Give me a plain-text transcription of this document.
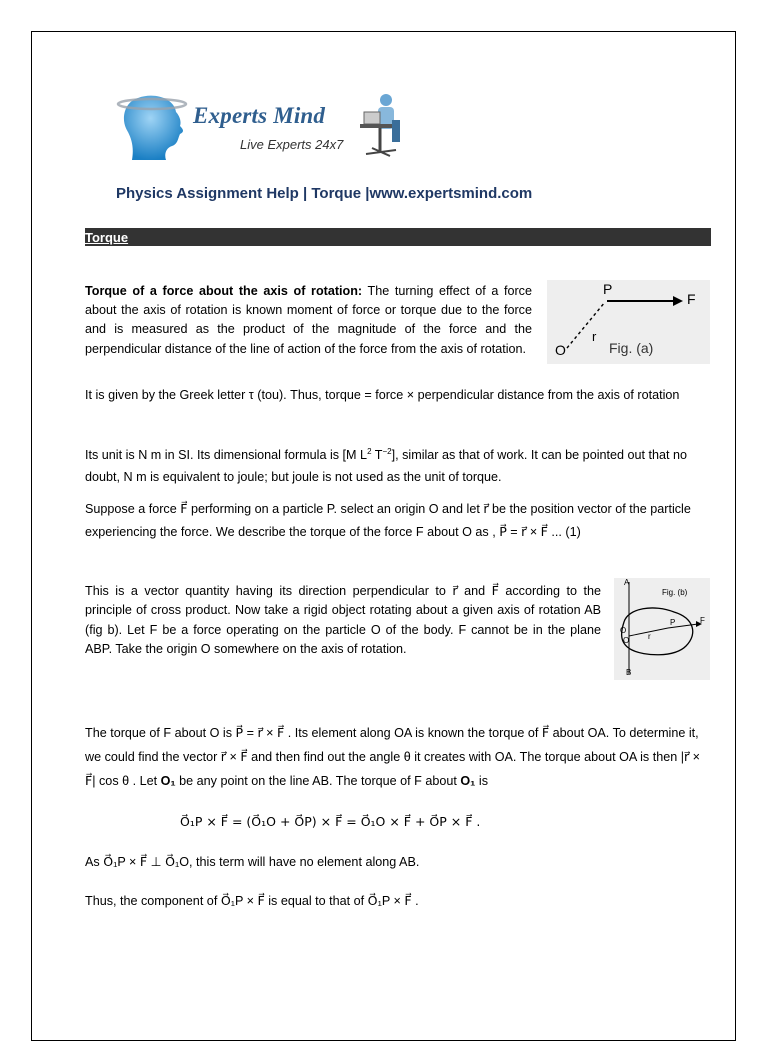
Experts Mind
Live Experts 24x7
Physics Assignment Help | Torque |www.expertsmind.com
Torque
Torque of a force about the axis of rotation: The turning effect of a force about the axis of rotation is known moment of force or torque due to the force and is measured as the product of the magnitude of the force and the perpendicular distance of the line of action of the force from the axis of rotation.
P
F
O
r
Fig. (a)
It is given by the Greek letter τ (tou). Thus, torque = force × perpendicular distance from the axis of rotation
Its unit is N m in SI. Its dimensional formula is [M $L^2$ $T^{-2}$], similar as that of work. It can be pointed out that no doubt, N m is equivalent to joule; but joule is not used as the unit of torque.
Suppose a force F⃗ performing on a particle P. select an origin O and let r⃗ be the position vector of the particle experiencing the force. We describe the torque of the force F about O as , P⃗ = r⃗ × F⃗ ... (1)
This is a vector quantity having its direction perpendicular to r⃗ and F⃗ according to the principle of cross product. Now take a rigid object rotating about a given axis of rotation AB (fig b). Let F be a force operating on the particle O of the body. F cannot be in the plane ABP. Take the origin O somewhere on the axis of rotation.
A
B
Fig. (b)
P	F
O
O r
The torque of F about O is P⃗ = r⃗ × F⃗ . Its element along OA is known the torque of F⃗ about OA. To determine it, we could find the vector r⃗ × F⃗ and then find out the angle θ it creates with OA. The torque about OA is then |r⃗ × F⃗| cos θ . Let O₁ be any point on the line AB. The torque of F about O₁ is
O⃗₁P × F⃗ = (O⃗₁O + O⃗P) × F⃗ = O⃗₁O × F⃗ + O⃗P × F⃗ .
As O⃗₁P × F⃗ ⊥ O⃗₁O, this term will have no element along AB.
Thus, the component of O⃗₁P × F⃗ is equal to that of O⃗₁P × F⃗ .
